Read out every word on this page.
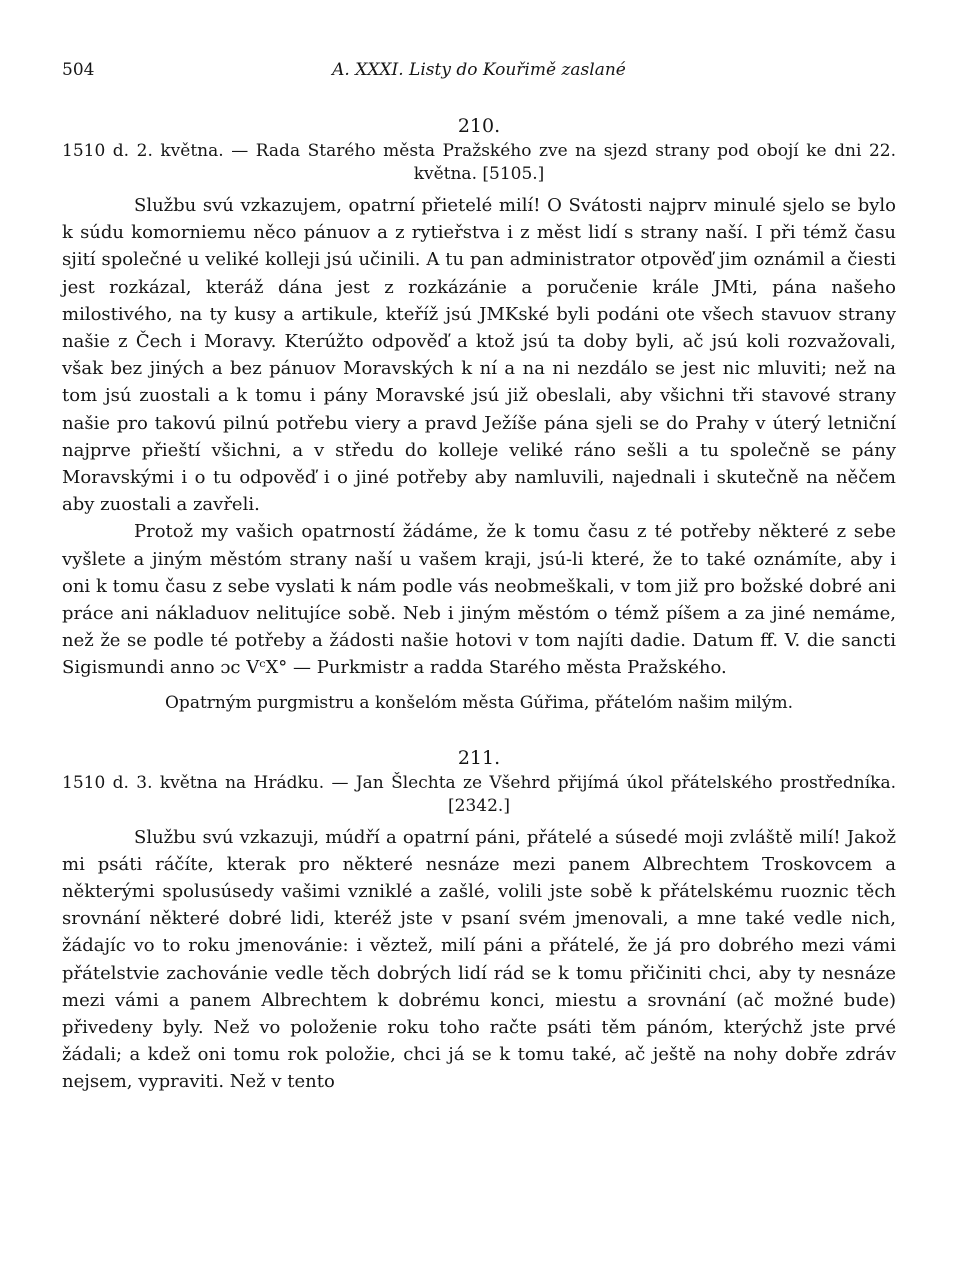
504	A. XXXI. Listy do Kouřimě zaslané
210.

1510 d. 2. května. — Rada Starého města Pražského zve na sjezd strany pod obojí ke dni 22. května. [5105.]

Službu svú vzkazujem, opatrní přietelé milí! O Svátosti najprv minulé sjelo se bylo k súdu komorniemu něco pánuov a z rytieřstva i z měst lidí s strany naší. I při témž času sjití společné u veliké kolleji jsú učinili. A tu pan administrator otpověď jim oznámil a čiesti jest rozkázal, kteráž dána jest z rozkázánie a poručenie krále JMti, pána našeho milostivého, na ty kusy a artikule, kteříž jsú JMKské byli podáni ote všech stavuov strany našie z Čech i Moravy. Kterúžto odpověď a ktož jsú ta doby byli, ač jsú koli rozvažovali, však bez jiných a bez pánuov Moravských k ní a na ni nezdálo se jest nic mluviti; než na tom jsú zuostali a k tomu i pány Moravské jsú již obeslali, aby všichni tři stavové strany našie pro takovú pilnú potřebu viery a pravd Ježíše pána sjeli se do Prahy v úterý letniční najprve přieští všichni, a v středu do kolleje veliké ráno sešli a tu společně se pány Moravskými i o tu odpověď i o jiné potřeby aby namluvili, najednali i skutečně na něčem aby zuostali a zavřeli.

Protož my vašich opatrností žádáme, že k tomu času z té potřeby některé z sebe vyšlete a jiným městóm strany naší u vašem kraji, jsú-li které, že to také oznámíte, aby i oni k tomu času z sebe vyslati k nám podle vás neobmeškali, v tom již pro božské dobré ani práce ani nákladuov nelitujíce sobě. Neb i jiným městóm o témž píšem a za jiné nemáme, než že se podle té potřeby a žádosti našie hotovi v tom najíti dadie. Datum ff. V. die sancti Sigismundi anno ɔc VᶜX° — Purkmistr a radda Starého města Pražského.

Opatrným purgmistru a konšelóm města Gúřima, přátelóm našim milým.

211.

1510 d. 3. května na Hrádku. — Jan Šlechta ze Všehrd přijímá úkol přátelského prostředníka. [2342.]

Službu svú vzkazuji, múdří a opatrní páni, přátelé a súsedé moji zvláště milí! Jakož mi psáti ráčíte, kterak pro některé nesnáze mezi panem Albrechtem Troskovcem a některými spolusúsedy vašimi vzniklé a zašlé, volili jste sobě k přátelskému ruoznic těch srovnání některé dobré lidi, kteréž jste v psaní svém jmenovali, a mne také vedle nich, žádajíc vo to roku jmenovánie: i věztež, milí páni a přátelé, že já pro dobrého mezi vámi přátelstvie zachovánie vedle těch dobrých lidí rád se k tomu přičiniti chci, aby ty nesnáze mezi vámi a panem Albrechtem k dobrému konci, miestu a srovnání (ač možné bude) přivedeny byly. Než vo položenie roku toho račte psáti těm pánóm, kterýchž jste prvé žádali; a kdež oni tomu rok položie, chci já se k tomu také, ač ještě na nohy dobře zdráv nejsem, vypraviti. Než v tento
